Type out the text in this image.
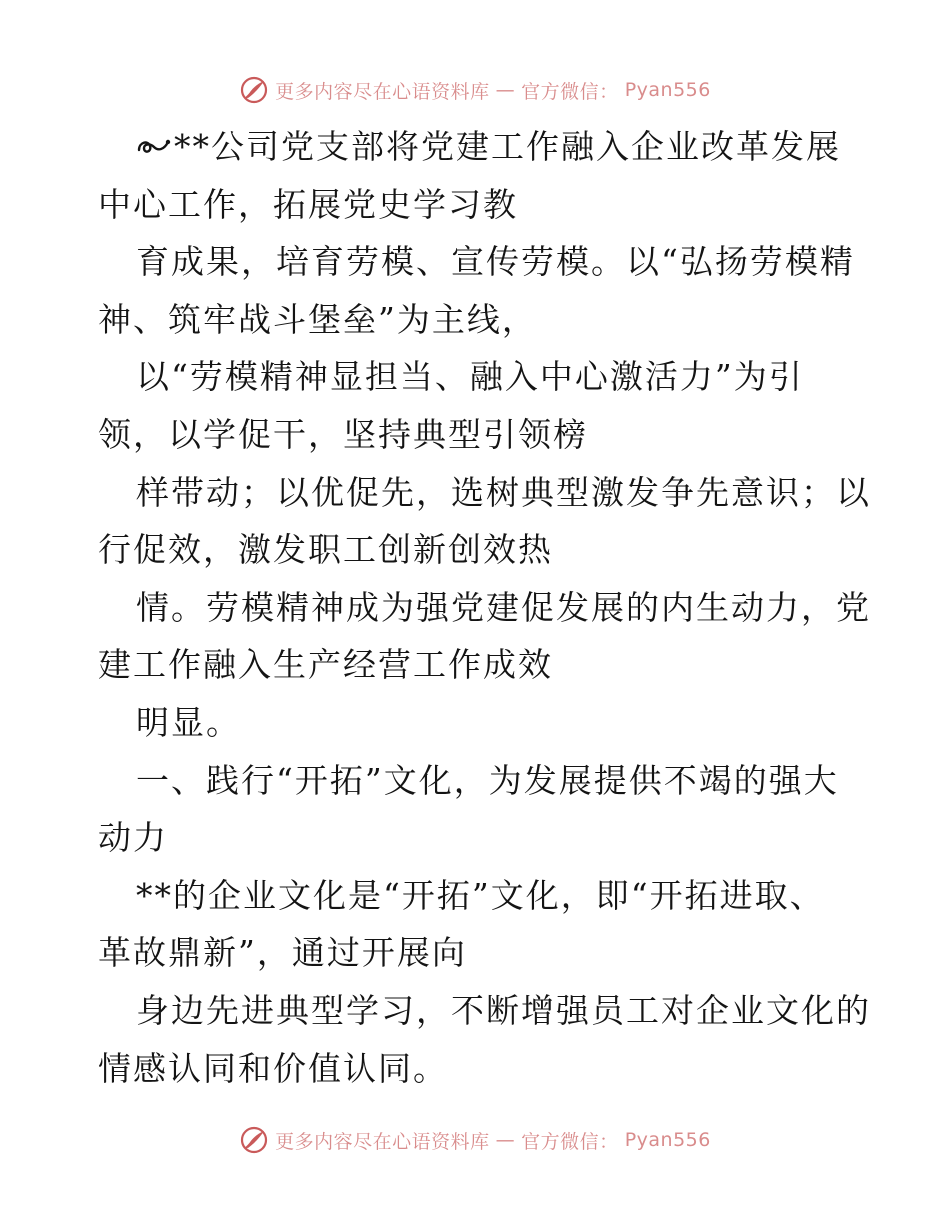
更多内容尽在心语资料库 — 官方微信： Pyan556

**公司党支部将党建工作融入企业改革发展
中心工作，拓展党史学习教

育成果，培育劳模、宣传劳模。以“弘扬劳模精
神、筑牢战斗堡垒”为主线，

以“劳模精神显担当、融入中心激活力”为引
领，以学促干，坚持典型引领榜

样带动；以优促先，选树典型激发争先意识；以
行促效，激发职工创新创效热

情。劳模精神成为强党建促发展的内生动力，党
建工作融入生产经营工作成效

明显。

一、践行“开拓”文化，为发展提供不竭的强大
动力

**的企业文化是“开拓”文化，即“开拓进取、
革故鼎新”，通过开展向

身边先进典型学习，不断增强员工对企业文化的
情感认同和价值认同。

更多内容尽在心语资料库 — 官方微信： Pyan556
